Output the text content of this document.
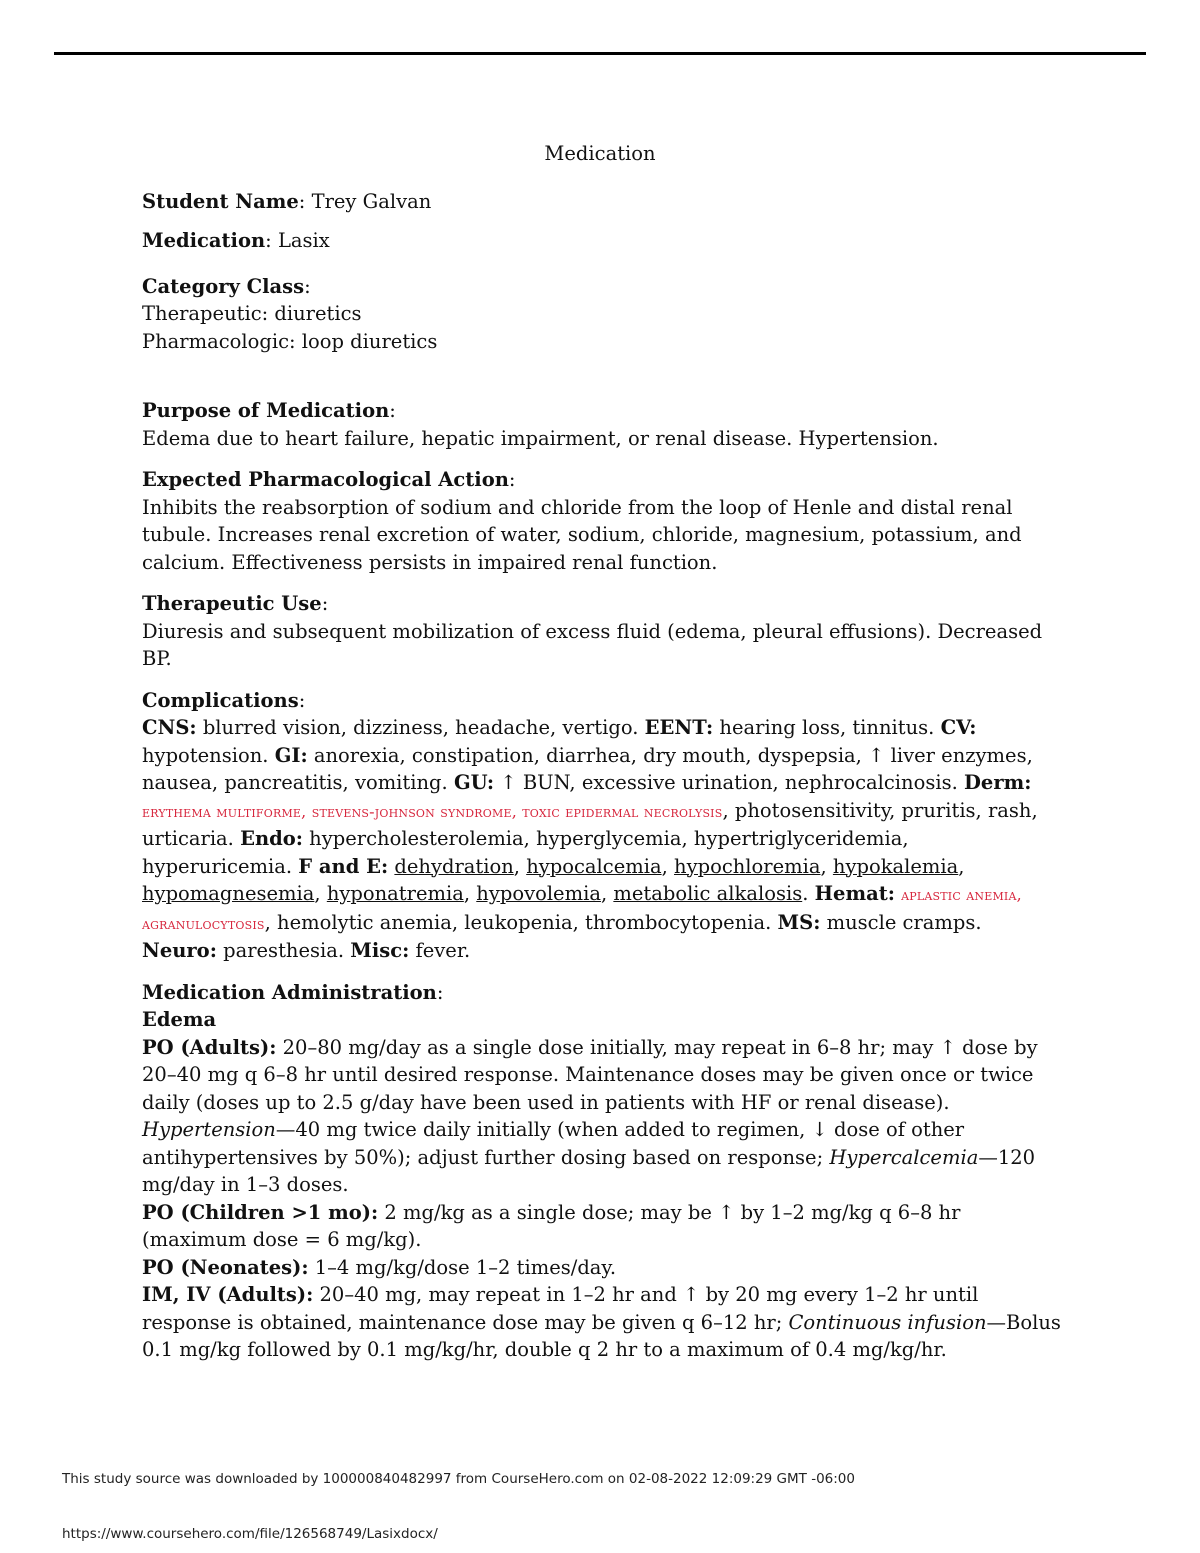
Medication
Student Name: Trey Galvan
Medication: Lasix
Category Class:

Therapeutic: diuretics

Pharmacologic: loop diuretics

Purpose of Medication:

Edema due to heart failure, hepatic impairment, or renal disease. Hypertension.

Expected Pharmacological Action:

Inhibits the reabsorption of sodium and chloride from the loop of Henle and distal renal tubule. Increases renal excretion of water, sodium, chloride, magnesium, potassium, and calcium. Effectiveness persists in impaired renal function.

Therapeutic Use:

Diuresis and subsequent mobilization of excess fluid (edema, pleural effusions). Decreased BP.

Complications:

CNS: blurred vision, dizziness, headache, vertigo. EENT: hearing loss, tinnitus. CV: hypotension. GI: anorexia, constipation, diarrhea, dry mouth, dyspepsia, ↑ liver enzymes, nausea, pancreatitis, vomiting. GU: ↑ BUN, excessive urination, nephrocalcinosis. Derm: erythema multiforme, stevens-johnson syndrome, toxic epidermal necrolysis, photosensitivity, pruritis, rash, urticaria. Endo: hypercholesterolemia, hyperglycemia, hypertriglyceridemia, hyperuricemia. F and E: dehydration, hypocalcemia, hypochloremia, hypokalemia, hypomagnesemia, hyponatremia, hypovolemia, metabolic alkalosis. Hemat: aplastic anemia, agranulocytosis, hemolytic anemia, leukopenia, thrombocytopenia. MS: muscle cramps. Neuro: paresthesia. Misc: fever.

Medication Administration:

Edema

PO (Adults): 20–80 mg/day as a single dose initially, may repeat in 6–8 hr; may ↑ dose by 20–40 mg q 6–8 hr until desired response. Maintenance doses may be given once or twice daily (doses up to 2.5 g/day have been used in patients with HF or renal disease). Hypertension—40 mg twice daily initially (when added to regimen, ↓ dose of other antihypertensives by 50%); adjust further dosing based on response; Hypercalcemia—120 mg/day in 1–3 doses.

PO (Children >1 mo): 2 mg/kg as a single dose; may be ↑ by 1–2 mg/kg q 6–8 hr (maximum dose = 6 mg/kg).

PO (Neonates): 1–4 mg/kg/dose 1–2 times/day.

IM, IV (Adults): 20–40 mg, may repeat in 1–2 hr and ↑ by 20 mg every 1–2 hr until response is obtained, maintenance dose may be given q 6–12 hr; Continuous infusion—Bolus 0.1 mg/kg followed by 0.1 mg/kg/hr, double q 2 hr to a maximum of 0.4 mg/kg/hr.

This study source was downloaded by 100000840482997 from CourseHero.com on 02-08-2022 12:09:29 GMT -06:00
https://www.coursehero.com/file/126568749/Lasixdocx/
